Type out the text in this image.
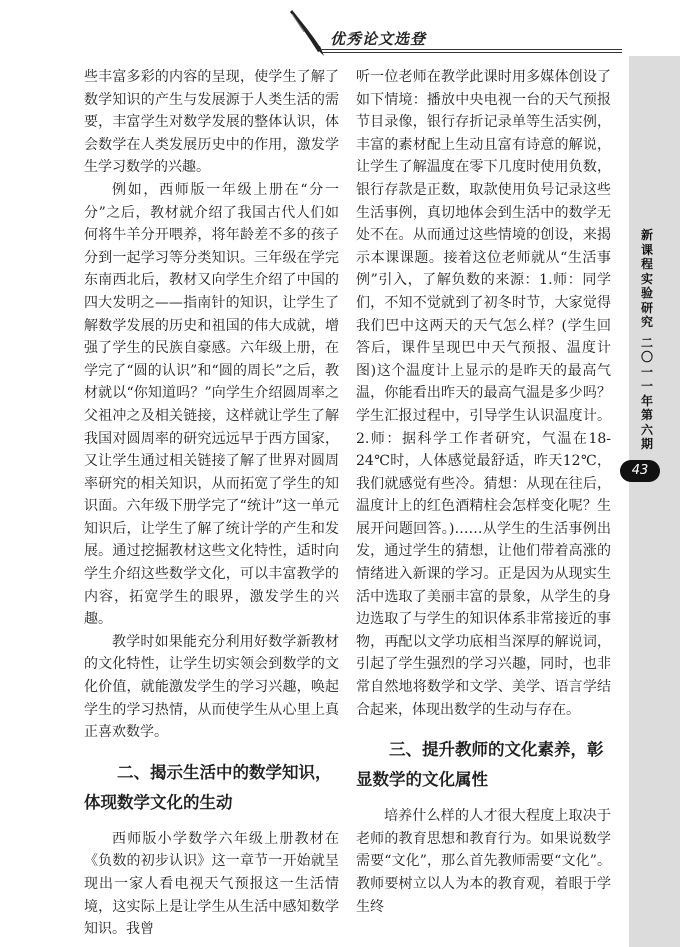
优秀论文选登
新
课
程
实
验
研
究
二
〇
一
一
年
第
六
期
43

些丰富多彩的内容的呈现，使学生了解了数学知识的产生与发展源于人类生活的需要，丰富学生对数学发展的整体认识，体会数学在人类发展历史中的作用，激发学生学习数学的兴趣。

例如，西师版一年级上册在“分一分”之后，教材就介绍了我国古代人们如何将牛羊分开喂养，将年龄差不多的孩子分到一起学习等分类知识。三年级在学完东南西北后，教材又向学生介绍了中国的四大发明之——指南针的知识，让学生了解数学发展的历史和祖国的伟大成就，增强了学生的民族自豪感。六年级上册，在学完了“圆的认识”和“圆的周长”之后，教材就以“你知道吗？”向学生介绍圆周率之父祖冲之及相关链接，这样就让学生了解我国对圆周率的研究远远早于西方国家，又让学生通过相关链接了解了世界对圆周率研究的相关知识，从而拓宽了学生的知识面。六年级下册学完了“统计”这一单元知识后，让学生了解了统计学的产生和发展。通过挖掘教材这些文化特性，适时向学生介绍这些数学文化，可以丰富教学的内容，拓宽学生的眼界，激发学生的兴趣。

教学时如果能充分利用好数学新教材的文化特性，让学生切实领会到数学的文化价值，就能激发学生的学习兴趣，唤起学生的学习热情，从而使学生从心里上真正喜欢数学。

二、揭示生活中的数学知识，体现数学文化的生动

西师版小学数学六年级上册教材在《负数的初步认识》这一章节一开始就呈现出一家人看电视天气预报这一生活情境，这实际上是让学生从生活中感知数学知识。我曾

听一位老师在教学此课时用多媒体创设了如下情境：播放中央电视一台的天气预报节目录像，银行存折记录单等生活实例，丰富的素材配上生动且富有诗意的解说，让学生了解温度在零下几度时使用负数，银行存款是正数，取款使用负号记录这些生活事例，真切地体会到生活中的数学无处不在。从而通过这些情境的创设，来揭示本课课题。接着这位老师就从“生活事例”引入，了解负数的来源：1.师：同学们，不知不觉就到了初冬时节，大家觉得我们巴中这两天的天气怎么样？(学生回答后，课件呈现巴中天气预报、温度计图)这个温度计上显示的是昨天的最高气温，你能看出昨天的最高气温是多少吗？学生汇报过程中，引导学生认识温度计。2.师：据科学工作者研究，气温在18-24℃时，人体感觉最舒适，昨天12℃，我们就感觉有些冷。猜想：从现在往后，温度计上的红色酒精柱会怎样变化呢？生展开问题回答。)……从学生的生活事例出发，通过学生的猜想，让他们带着高涨的情绪进入新课的学习。正是因为从现实生活中选取了美丽丰富的景象，从学生的身边选取了与学生的知识体系非常接近的事物，再配以文学功底相当深厚的解说词，引起了学生强烈的学习兴趣，同时，也非常自然地将数学和文学、美学、语言学结合起来，体现出数学的生动与存在。

三、提升教师的文化素养，彰显数学的文化属性

培养什么样的人才很大程度上取决于老师的教育思想和教育行为。如果说数学需要“文化”，那么首先教师需要“文化”。教师要树立以人为本的教育观，着眼于学生终
